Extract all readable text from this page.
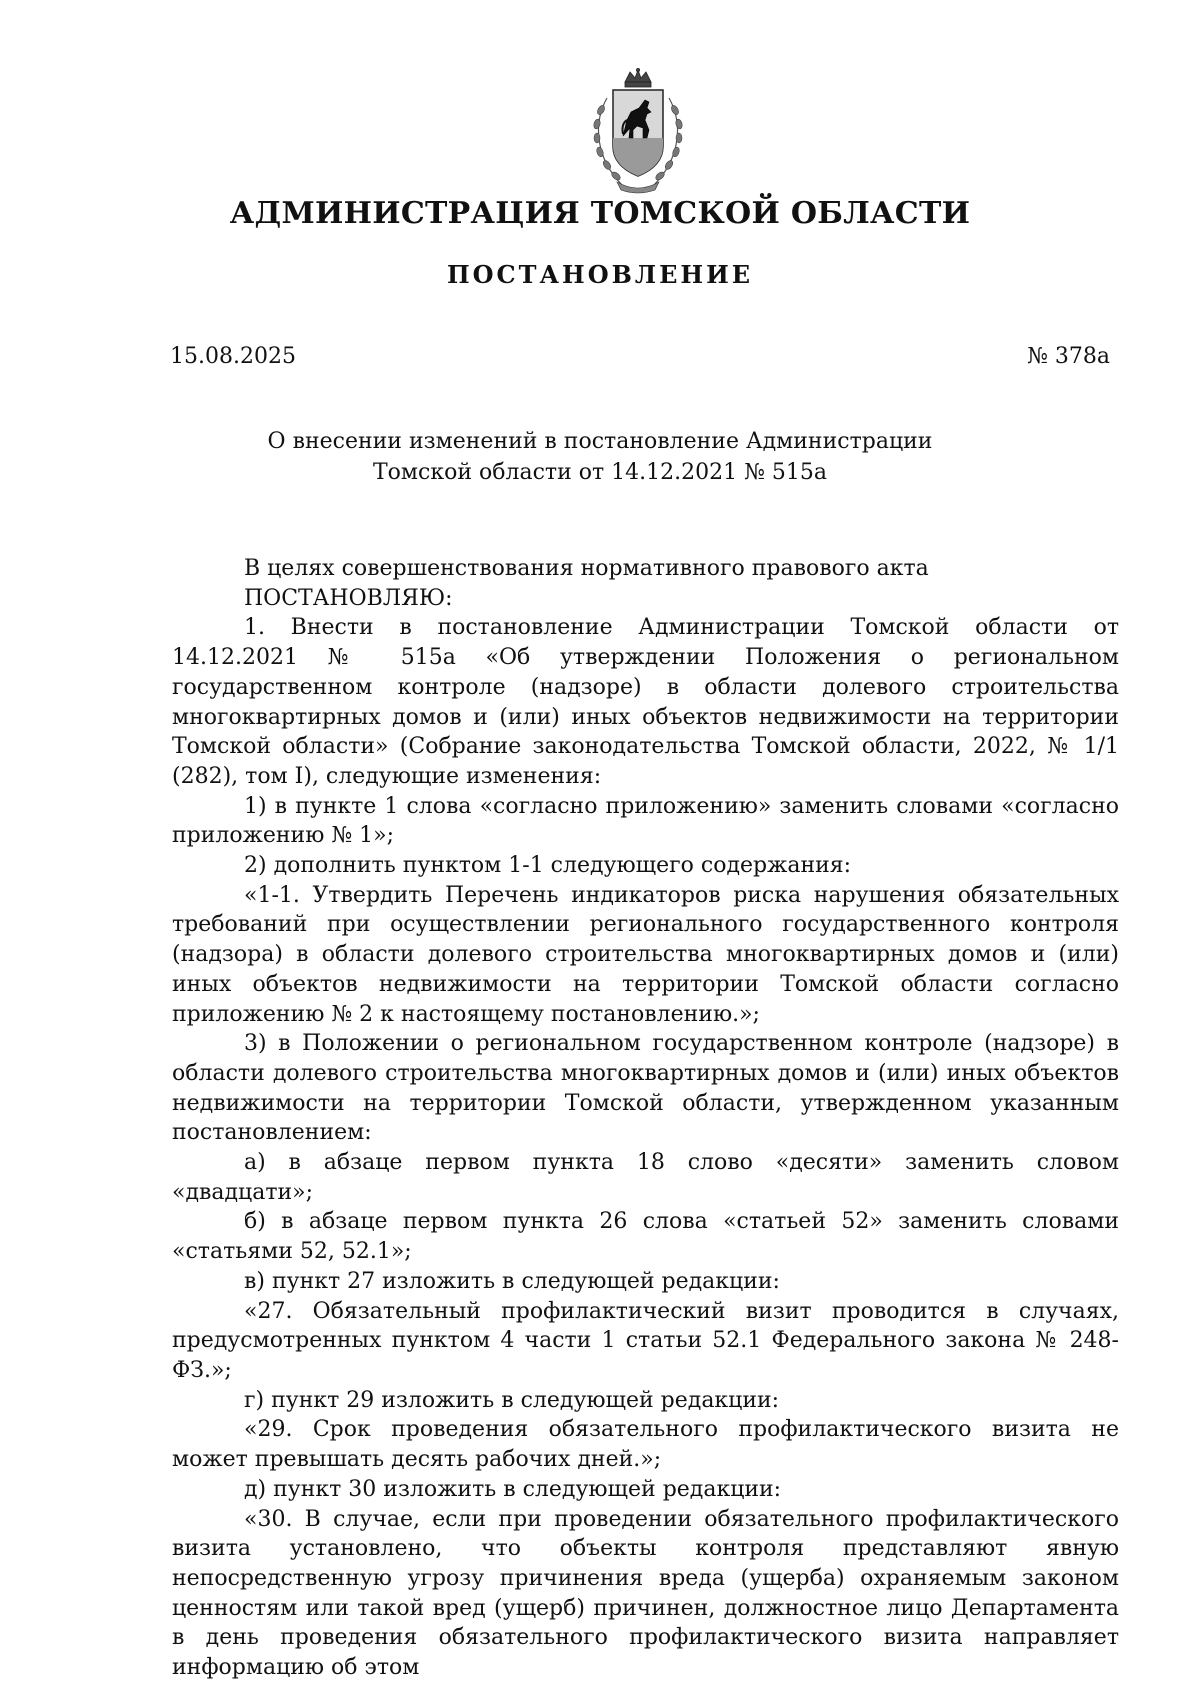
АДМИНИСТРАЦИЯ ТОМСКОЙ ОБЛАСТИ
ПОСТАНОВЛЕНИЕ
15.08.2025	№ 378а
О внесении изменений в постановление Администрации
Томской области от 14.12.2021 № 515а

В целях совершенствования нормативного правового акта

ПОСТАНОВЛЯЮ:

1. Внести в постановление Администрации Томской области от 14.12.2021 № 515а «Об утверждении Положения о региональном государственном контроле (надзоре) в области долевого строительства многоквартирных домов и (или) иных объектов недвижимости на территории Томской области» (Собрание законодательства Томской области, 2022, № 1/1 (282), том I), следующие изменения:

1) в пункте 1 слова «согласно приложению» заменить словами «согласно приложению № 1»;

2) дополнить пунктом 1-1 следующего содержания:

«1-1. Утвердить Перечень индикаторов риска нарушения обязательных требований при осуществлении регионального государственного контроля (надзора) в области долевого строительства многоквартирных домов и (или) иных объектов недвижимости на территории Томской области согласно приложению № 2 к настоящему постановлению.»;

3) в Положении о региональном государственном контроле (надзоре) в области долевого строительства многоквартирных домов и (или) иных объектов недвижимости на территории Томской области, утвержденном указанным постановлением:

а) в абзаце первом пункта 18 слово «десяти» заменить словом «двадцати»;

б) в абзаце первом пункта 26 слова «статьей 52» заменить словами «статьями 52, 52.1»;

в) пункт 27 изложить в следующей редакции:

«27. Обязательный профилактический визит проводится в случаях, предусмотренных пунктом 4 части 1 статьи 52.1 Федерального закона № 248-ФЗ.»;

г) пункт 29 изложить в следующей редакции:

«29. Срок проведения обязательного профилактического визита не может превышать десять рабочих дней.»;

д) пункт 30 изложить в следующей редакции:

«30. В случае, если при проведении обязательного профилактического визита установлено, что объекты контроля представляют явную непосредственную угрозу причинения вреда (ущерба) охраняемым законом ценностям или такой вред (ущерб) причинен, должностное лицо Департамента в день проведения обязательного профилактического визита направляет информацию об этом
